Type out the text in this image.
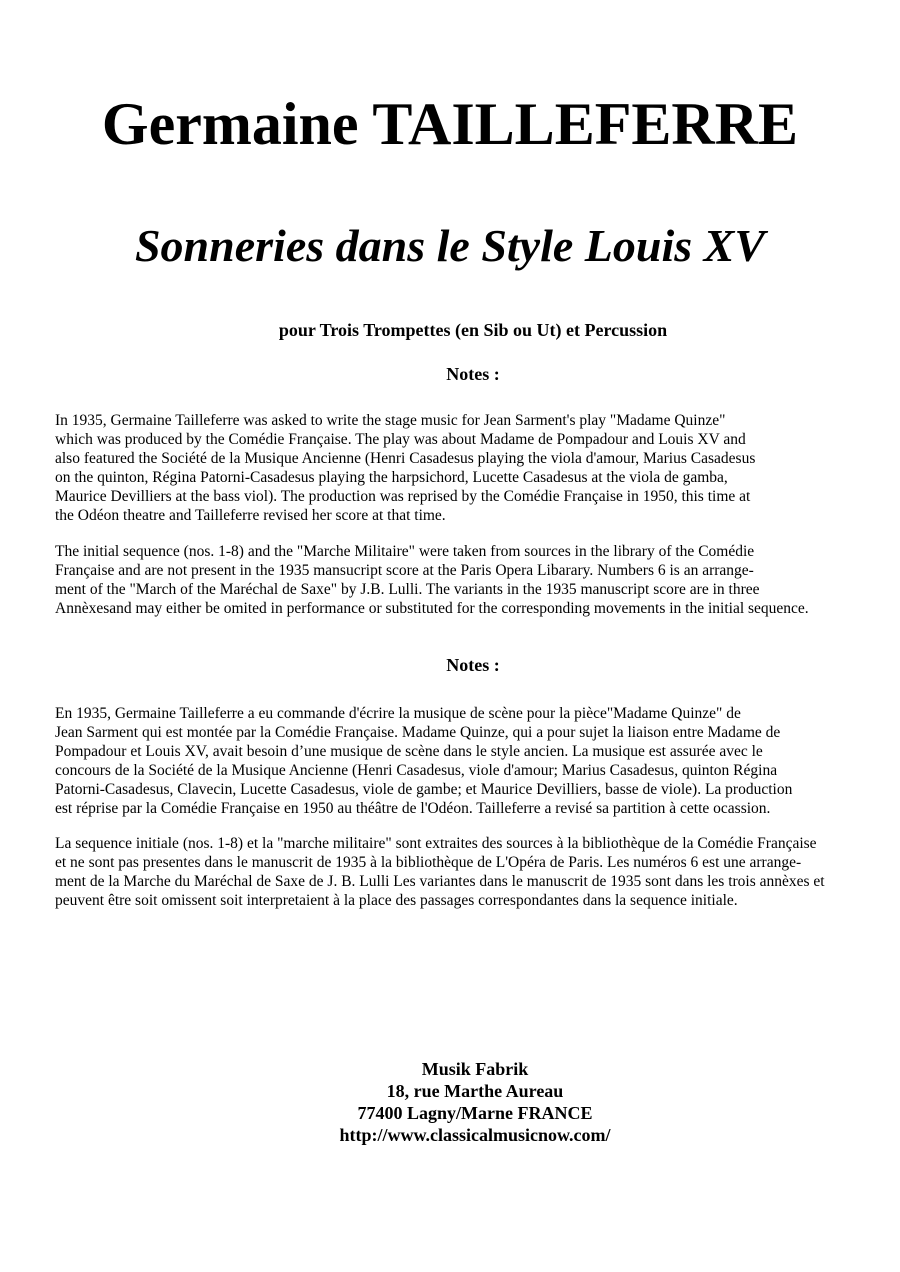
Germaine TAILLEFERRE
Sonneries dans le Style Louis XV
pour Trois Trompettes (en Sib ou Ut) et Percussion
Notes :

In 1935, Germaine Tailleferre was asked to write the stage music for Jean Sarment's play "Madame Quinze"
which was produced by the Comédie Française. The play was about Madame de Pompadour and Louis XV and
also featured the Société de la Musique Ancienne (Henri Casadesus playing the viola d'amour, Marius Casadesus
on the quinton, Régina Patorni-Casadesus playing the harpsichord, Lucette Casadesus at the viola de gamba,
Maurice Devilliers at the bass viol). The production was reprised by the Comédie Française in 1950, this time at
the Odéon theatre and Tailleferre revised her score at that time.

The initial sequence (nos. 1-8) and the "Marche Militaire" were taken from sources in the library of the Comédie
Française and are not present in the 1935 mansucript score at the Paris Opera Libarary. Numbers 6 is an arrange-
ment of the "March of the Maréchal de Saxe" by J.B. Lulli. The variants in the 1935 manuscript score are in three
Annèxesand may either be omited in performance or substituted for the corresponding movements in the initial sequence.

Notes :

En 1935, Germaine Tailleferre a eu commande d'écrire la musique de scène pour la pièce"Madame Quinze" de
Jean Sarment qui est montée par la Comédie Française. Madame Quinze, qui a pour sujet la liaison entre Madame de
Pompadour et Louis XV, avait besoin d’une musique de scène dans le style ancien. La musique est assurée avec le
concours de la Société de la Musique Ancienne (Henri Casadesus, viole d'amour; Marius Casadesus, quinton Régina
Patorni-Casadesus, Clavecin, Lucette Casadesus, viole de gambe; et Maurice Devilliers, basse de viole). La production
est réprise par la Comédie Française en 1950 au théâtre de l'Odéon. Tailleferre a revisé sa partition à cette ocassion.

La sequence initiale (nos. 1-8) et la "marche militaire" sont extraites des sources à la bibliothèque de la Comédie Française
et ne sont pas presentes dans le manuscrit de 1935 à la bibliothèque de L'Opéra de Paris. Les numéros 6 est une arrange-
ment de la Marche du Maréchal de Saxe de J. B. Lulli Les variantes dans le manuscrit de 1935 sont dans les trois annèxes et
peuvent être soit omissent soit interpretaient à la place des passages correspondantes dans la sequence initiale.

Musik Fabrik
18, rue Marthe Aureau
77400 Lagny/Marne FRANCE
http://www.classicalmusicnow.com/
